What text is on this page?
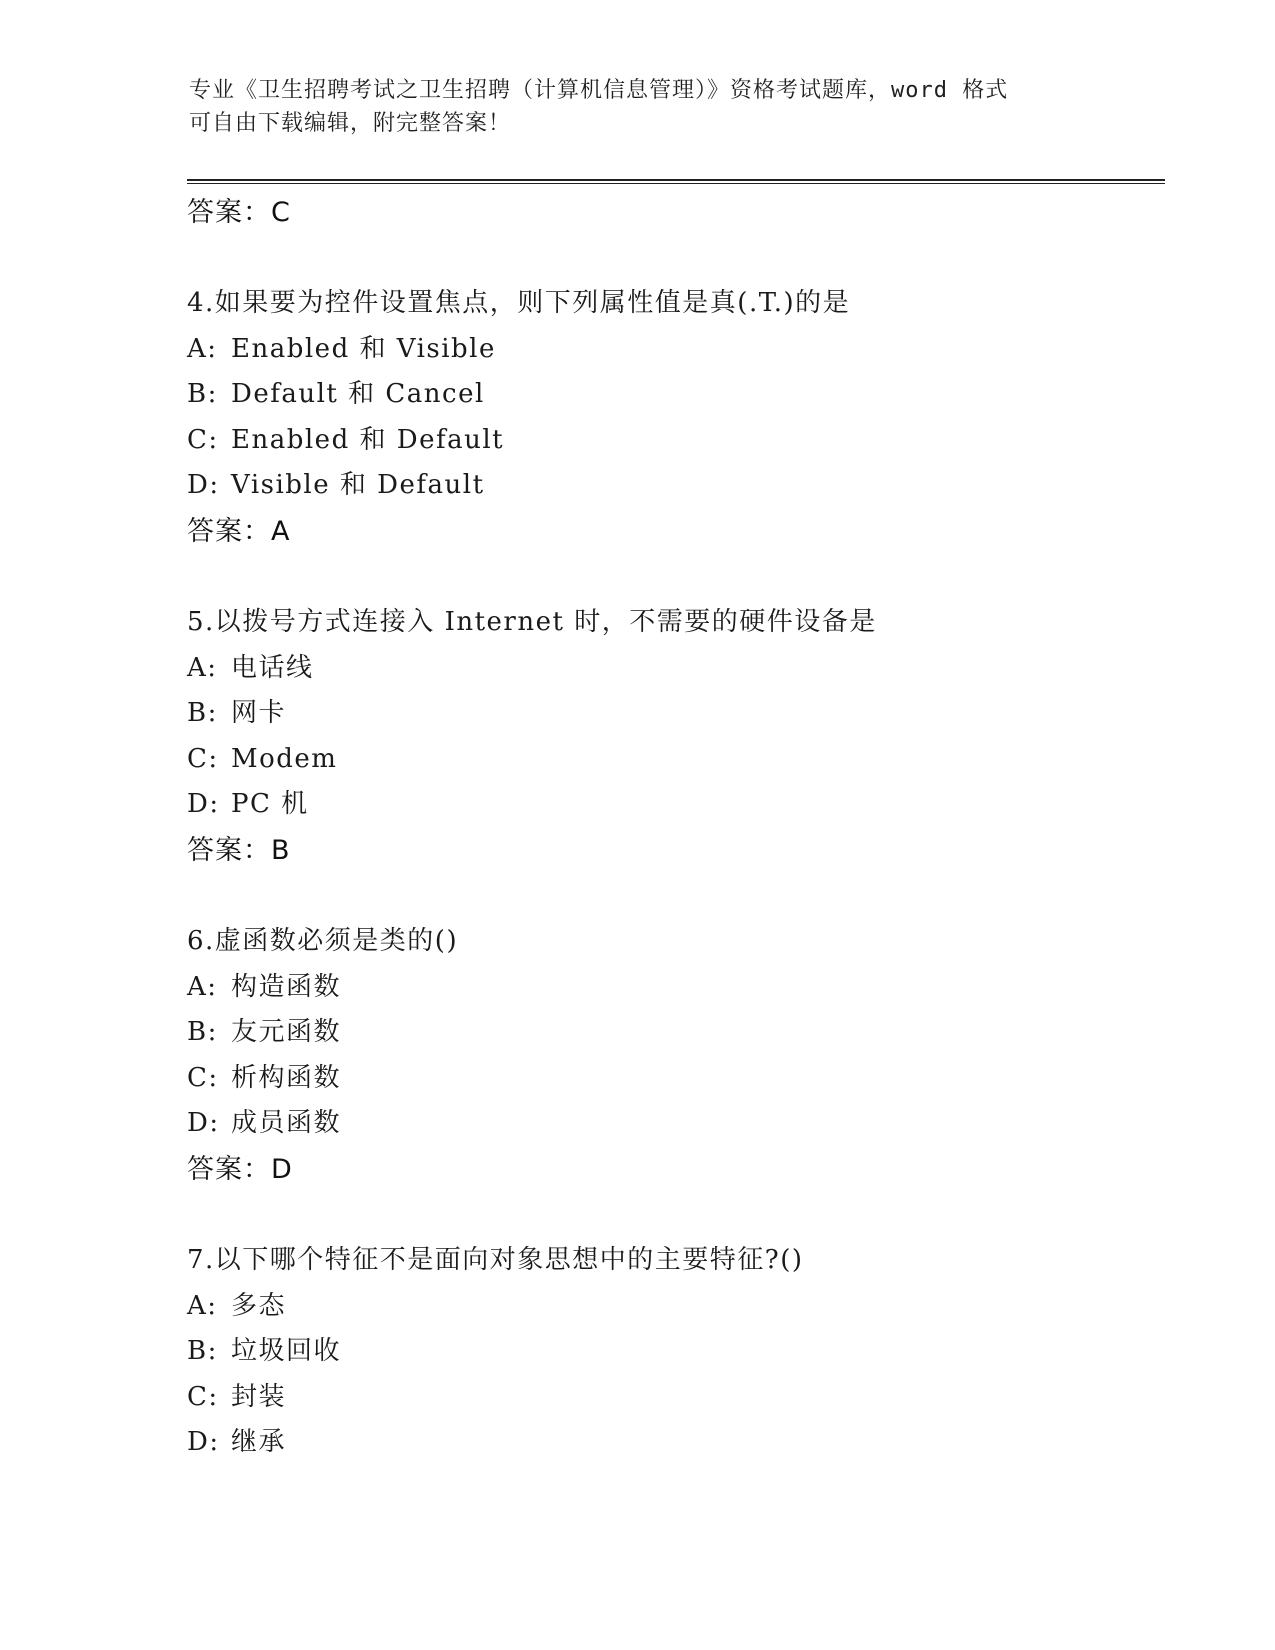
专业《卫生招聘考试之卫生招聘（计算机信息管理）》资格考试题库，word 格式
可自由下载编辑，附完整答案！
答案：C
4.如果要为控件设置焦点，则下列属性值是真(.T.)的是
A: Enabled 和 Visible
B: Default 和 Cancel
C: Enabled 和 Default
D: Visible 和 Default
答案：A
5.以拨号方式连接入 Internet 时，不需要的硬件设备是
A: 电话线
B: 网卡
C: Modem
D: PC 机
答案：B
6.虚函数必须是类的()
A: 构造函数
B: 友元函数
C: 析构函数
D: 成员函数
答案：D
7.以下哪个特征不是面向对象思想中的主要特征?()
A: 多态
B: 垃圾回收
C: 封装
D: 继承
